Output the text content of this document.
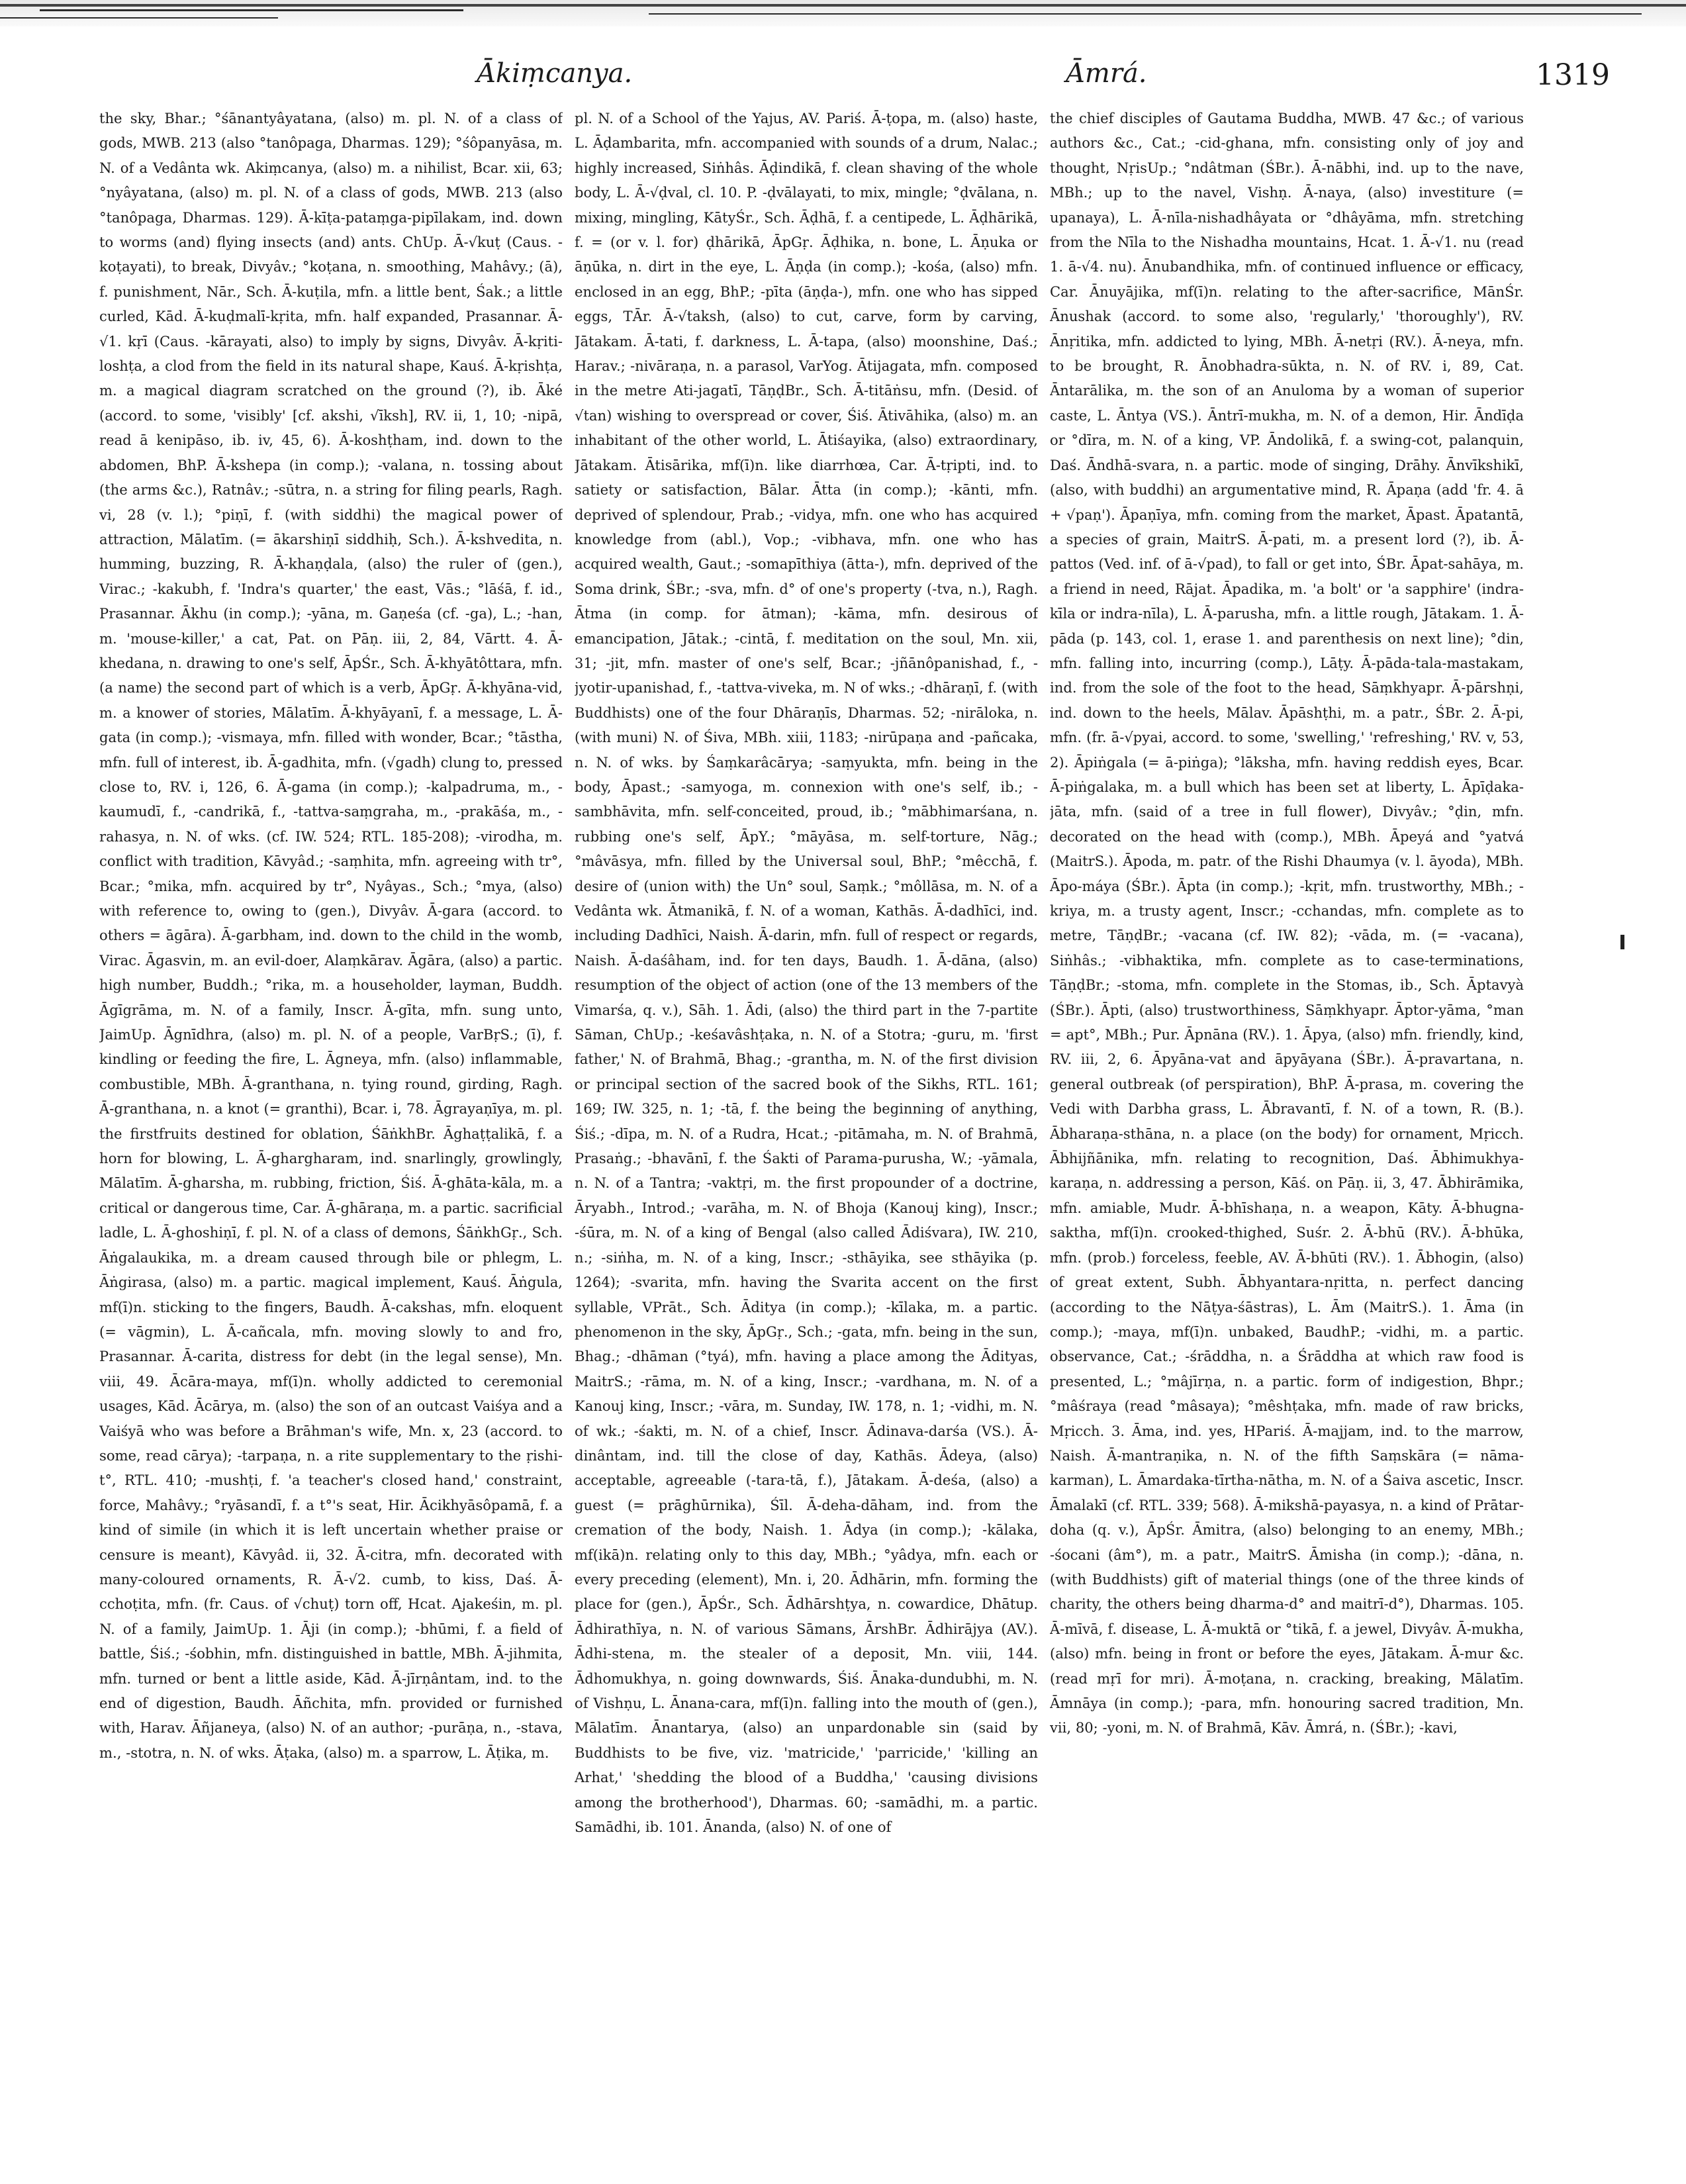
Ākiṃcanya.	Āmrá.	1319

the sky, Bhar.; °śānantyâyatana, (also) m. pl. N. of a class of gods, MWB. 213 (also °tanôpaga, Dharmas. 129); °śôpanyāsa, m. N. of a Vedânta wk. Akiṃcanya, (also) m. a nihilist, Bcar. xii, 63; °nyâyatana, (also) m. pl. N. of a class of gods, MWB. 213 (also °tanôpaga, Dharmas. 129). Ā-kīṭa-pataṃga-pipīlakam, ind. down to worms (and) flying insects (and) ants. ChUp. Ā-√kuṭ (Caus. -koṭayati), to break, Divyâv.; °koṭana, n. smoothing, Mahâvy.; (ā), f. punishment, Nār., Sch. Ā-kuṭila, mfn. a little bent, Śak.; a little curled, Kād. Ā-kuḍmalī-kṛita, mfn. half expanded, Prasannar. Ā-√1. kṛī (Caus. -kārayati, also) to imply by signs, Divyâv. Ā-kṛiti-loshṭa, a clod from the field in its natural shape, Kauś. Ā-kṛishṭa, m. a magical diagram scratched on the ground (?), ib. Āké (accord. to some, 'visibly' [cf. akshi, √īksh], RV. ii, 1, 10; -nipā, read ā kenipāso, ib. iv, 45, 6). Ā-koshṭham, ind. down to the abdomen, BhP. Ā-kshepa (in comp.); -valana, n. tossing about (the arms &c.), Ratnâv.; -sūtra, n. a string for filing pearls, Ragh. vi, 28 (v. l.); °piṇī, f. (with siddhi) the magical power of attraction, Mālatīm. (= ākarshiṇī siddhiḥ, Sch.). Ā-kshvedita, n. humming, buzzing, R. Ā-khaṇḍala, (also) the ruler of (gen.), Virac.; -kakubh, f. 'Indra's quarter,' the east, Vās.; °lāśā, f. id., Prasannar. Ākhu (in comp.); -yāna, m. Gaṇeśa (cf. -ga), L.; -han, m. 'mouse-killer,' a cat, Pat. on Pāṇ. iii, 2, 84, Vārtt. 4. Ā-khedana, n. drawing to one's self, ĀpŚr., Sch. Ā-khyātôttara, mfn. (a name) the second part of which is a verb, ĀpGṛ. Ā-khyāna-vid, m. a knower of stories, Mālatīm. Ā-khyāyanī, f. a message, L. Ā-gata (in comp.); -vismaya, mfn. filled with wonder, Bcar.; °tāstha, mfn. full of interest, ib. Ā-gadhita, mfn. (√gadh) clung to, pressed close to, RV. i, 126, 6. Ā-gama (in comp.); -kalpadruma, m., -kaumudī, f., -candrikā, f., -tattva-saṃgraha, m., -prakāśa, m., -rahasya, n. N. of wks. (cf. IW. 524; RTL. 185-208); -virodha, m. conflict with tradition, Kāvyâd.; -saṃhita, mfn. agreeing with tr°, Bcar.; °mika, mfn. acquired by tr°, Nyâyas., Sch.; °mya, (also) with reference to, owing to (gen.), Divyâv. Ā-gara (accord. to others = āgāra). Ā-garbham, ind. down to the child in the womb, Virac. Āgasvin, m. an evil-doer, Alaṃkārav. Āgāra, (also) a partic. high number, Buddh.; °rika, m. a householder, layman, Buddh. Āgīgrāma, m. N. of a family, Inscr. Ā-gīta, mfn. sung unto, JaimUp. Āgnīdhra, (also) m. pl. N. of a people, VarBṛS.; (ī), f. kindling or feeding the fire, L. Āgneya, mfn. (also) inflammable, combustible, MBh. Ā-granthana, n. tying round, girding, Ragh. Ā-granthana, n. a knot (= granthi), Bcar. i, 78. Āgrayaṇīya, m. pl. the firstfruits destined for oblation, ŚāṅkhBr. Āghaṭṭalikā, f. a horn for blowing, L. Ā-ghargharam, ind. snarlingly, growlingly, Mālatīm. Ā-gharsha, m. rubbing, friction, Śiś. Ā-ghāta-kāla, m. a critical or dangerous time, Car. Ā-ghāraṇa, m. a partic. sacrificial ladle, L. Ā-ghoshiṇī, f. pl. N. of a class of demons, ŚāṅkhGṛ., Sch. Āṅgalaukika, m. a dream caused through bile or phlegm, L. Āṅgirasa, (also) m. a partic. magical implement, Kauś. Āṅgula, mf(ī)n. sticking to the fingers, Baudh. Ā-cakshas, mfn. eloquent (= vāgmin), L. Ā-cañcala, mfn. moving slowly to and fro, Prasannar. Ā-carita, distress for debt (in the legal sense), Mn. viii, 49. Ācāra-maya, mf(ī)n. wholly addicted to ceremonial usages, Kād. Ācārya, m. (also) the son of an outcast Vaiśya and a Vaiśyā who was before a Brāhman's wife, Mn. x, 23 (accord. to some, read cārya); -tarpaṇa, n. a rite supplementary to the ṛishi-t°, RTL. 410; -mushṭi, f. 'a teacher's closed hand,' constraint, force, Mahâvy.; °ryāsandī, f. a t°'s seat, Hir. Ācikhyāsôpamā, f. a kind of simile (in which it is left uncertain whether praise or censure is meant), Kāvyâd. ii, 32. Ā-citra, mfn. decorated with many-coloured ornaments, R. Ā-√2. cumb, to kiss, Daś. Ā-cchoṭita, mfn. (fr. Caus. of √chuṭ) torn off, Hcat. Ajakeśin, m. pl. N. of a family, JaimUp. 1. Āji (in comp.); -bhūmi, f. a field of battle, Śiś.; -śobhin, mfn. distinguished in battle, MBh. Ā-jihmita, mfn. turned or bent a little aside, Kād. Ā-jīrṇântam, ind. to the end of digestion, Baudh. Āñchita, mfn. provided or furnished with, Harav. Āñjaneya, (also) N. of an author; -purāṇa, n., -stava, m., -stotra, n. N. of wks. Āṭaka, (also) m. a sparrow, L. Āṭika, m.

pl. N. of a School of the Yajus, AV. Pariś. Ā-ṭopa, m. (also) haste, L. Āḍambarita, mfn. accompanied with sounds of a drum, Nalac.; highly increased, Siṅhâs. Āḍindikā, f. clean shaving of the whole body, L. Ā-√ḍval, cl. 10. P. -ḍvālayati, to mix, mingle; °ḍvālana, n. mixing, mingling, KātyŚr., Sch. Āḍhā, f. a centipede, L. Āḍhārikā, f. = (or v. l. for) ḍhārikā, ĀpGṛ. Āḍhika, n. bone, L. Āṇuka or āṇūka, n. dirt in the eye, L. Āṇḍa (in comp.); -kośa, (also) mfn. enclosed in an egg, BhP.; -pīta (āṇḍa-), mfn. one who has sipped eggs, TĀr. Ā-√taksh, (also) to cut, carve, form by carving, Jātakam. Ā-tati, f. darkness, L. Ā-tapa, (also) moonshine, Daś.; Harav.; -nivāraṇa, n. a parasol, VarYog. Ātijagata, mfn. composed in the metre Ati-jagatī, TāṇḍBr., Sch. Ā-titāṅsu, mfn. (Desid. of √tan) wishing to overspread or cover, Śiś. Ātivāhika, (also) m. an inhabitant of the other world, L. Ātiśayika, (also) extraordinary, Jātakam. Ātisārika, mf(ī)n. like diarrhœa, Car. Ā-tṛipti, ind. to satiety or satisfaction, Bālar. Ātta (in comp.); -kānti, mfn. deprived of splendour, Prab.; -vidya, mfn. one who has acquired knowledge from (abl.), Vop.; -vibhava, mfn. one who has acquired wealth, Gaut.; -somapīthiya (ātta-), mfn. deprived of the Soma drink, ŚBr.; -sva, mfn. d° of one's property (-tva, n.), Ragh. Ātma (in comp. for ātman); -kāma, mfn. desirous of emancipation, Jātak.; -cintā, f. meditation on the soul, Mn. xii, 31; -jit, mfn. master of one's self, Bcar.; -jñānôpanishad, f., -jyotir-upanishad, f., -tattva-viveka, m. N of wks.; -dhāraṇī, f. (with Buddhists) one of the four Dhāraṇīs, Dharmas. 52; -nirāloka, n. (with muni) N. of Śiva, MBh. xiii, 1183; -nirūpaṇa and -pañcaka, n. N. of wks. by Śaṃkarâcārya; -saṃyukta, mfn. being in the body, Āpast.; -samyoga, m. connexion with one's self, ib.; -sambhāvita, mfn. self-conceited, proud, ib.; °mābhimarśana, n. rubbing one's self, ĀpY.; °māyāsa, m. self-torture, Nāg.; °mâvāsya, mfn. filled by the Universal soul, BhP.; °mêcchā, f. desire of (union with) the Un° soul, Saṃk.; °môllāsa, m. N. of a Vedânta wk. Ātmanikā, f. N. of a woman, Kathās. Ā-dadhīci, ind. including Dadhīci, Naish. Ā-darin, mfn. full of respect or regards, Naish. Ā-daśâham, ind. for ten days, Baudh. 1. Ā-dāna, (also) resumption of the object of action (one of the 13 members of the Vimarśa, q. v.), Sāh. 1. Ādi, (also) the third part in the 7-partite Sāman, ChUp.; -keśavâshṭaka, n. N. of a Stotra; -guru, m. 'first father,' N. of Brahmā, Bhag.; -grantha, m. N. of the first division or principal section of the sacred book of the Sikhs, RTL. 161; 169; IW. 325, n. 1; -tā, f. the being the beginning of anything, Śiś.; -dīpa, m. N. of a Rudra, Hcat.; -pitāmaha, m. N. of Brahmā, Prasaṅg.; -bhavānī, f. the Śakti of Parama-purusha, W.; -yāmala, n. N. of a Tantra; -vaktṛi, m. the first propounder of a doctrine, Āryabh., Introd.; -varāha, m. N. of Bhoja (Kanouj king), Inscr.; -śūra, m. N. of a king of Bengal (also called Ādiśvara), IW. 210, n.; -siṅha, m. N. of a king, Inscr.; -sthāyika, see sthāyika (p. 1264); -svarita, mfn. having the Svarita accent on the first syllable, VPrāt., Sch. Āditya (in comp.); -kīlaka, m. a partic. phenomenon in the sky, ĀpGṛ., Sch.; -gata, mfn. being in the sun, Bhag.; -dhāman (°tyá), mfn. having a place among the Ādityas, MaitrS.; -rāma, m. N. of a king, Inscr.; -vardhana, m. N. of a Kanouj king, Inscr.; -vāra, m. Sunday, IW. 178, n. 1; -vidhi, m. N. of wk.; -śakti, m. N. of a chief, Inscr. Ādinava-darśa (VS.). Ā-dinântam, ind. till the close of day, Kathās. Ādeya, (also) acceptable, agreeable (-tara-tā, f.), Jātakam. Ā-deśa, (also) a guest (= prāghūrnika), Śīl. Ā-deha-dāham, ind. from the cremation of the body, Naish. 1. Ādya (in comp.); -kālaka, mf(ikā)n. relating only to this day, MBh.; °yâdya, mfn. each or every preceding (element), Mn. i, 20. Ādhārin, mfn. forming the place for (gen.), ĀpŚr., Sch. Ādhārshṭya, n. cowardice, Dhātup. Ādhirathīya, n. N. of various Sāmans, ĀrshBr. Ādhirājya (AV.). Ādhi-stena, m. the stealer of a deposit, Mn. viii, 144. Ādhomukhya, n. going downwards, Śiś. Ānaka-dundubhi, m. N. of Vishṇu, L. Ānana-cara, mf(ī)n. falling into the mouth of (gen.), Mālatīm. Ānantarya, (also) an unpardonable sin (said by Buddhists to be five, viz. 'matricide,' 'parricide,' 'killing an Arhat,' 'shedding the blood of a Buddha,' 'causing divisions among the brotherhood'), Dharmas. 60; -samādhi, m. a partic. Samādhi, ib. 101. Ānanda, (also) N. of one of

the chief disciples of Gautama Buddha, MWB. 47 &c.; of various authors &c., Cat.; -cid-ghana, mfn. consisting only of joy and thought, NṛisUp.; °ndâtman (ŚBr.). Ā-nābhi, ind. up to the nave, MBh.; up to the navel, Vishṇ. Ā-naya, (also) investiture (= upanaya), L. Ā-nīla-nishadhâyata or °dhâyāma, mfn. stretching from the Nīla to the Nishadha mountains, Hcat. 1. Ā-√1. nu (read 1. ā-√4. nu). Ānubandhika, mfn. of continued influence or efficacy, Car. Ānuyājika, mf(ī)n. relating to the after-sacrifice, MānŚr. Ānushak (accord. to some also, 'regularly,' 'thoroughly'), RV. Ānṛitika, mfn. addicted to lying, MBh. Ā-netṛi (RV.). Ā-neya, mfn. to be brought, R. Ānobhadra-sūkta, n. N. of RV. i, 89, Cat. Āntarālika, m. the son of an Anuloma by a woman of superior caste, L. Āntya (VS.). Āntrī-mukha, m. N. of a demon, Hir. Āndīḍa or °dīra, m. N. of a king, VP. Āndolikā, f. a swing-cot, palanquin, Daś. Āndhā-svara, n. a partic. mode of singing, Drāhy. Ānvīkshikī, (also, with buddhi) an argumentative mind, R. Āpaṇa (add 'fr. 4. ā + √paṇ'). Āpaṇīya, mfn. coming from the market, Āpast. Āpatantā, a species of grain, MaitrS. Ā-pati, m. a present lord (?), ib. Ā-pattos (Ved. inf. of ā-√pad), to fall or get into, ŚBr. Āpat-sahāya, m. a friend in need, Rājat. Āpadika, m. 'a bolt' or 'a sapphire' (indra-kīla or indra-nīla), L. Ā-parusha, mfn. a little rough, Jātakam. 1. Ā-pāda (p. 143, col. 1, erase 1. and parenthesis on next line); °din, mfn. falling into, incurring (comp.), Lāṭy. Ā-pāda-tala-mastakam, ind. from the sole of the foot to the head, Sāṃkhyapr. Ā-pārshṇi, ind. down to the heels, Mālav. Āpāshṭhi, m. a patr., ŚBr. 2. Ā-pi, mfn. (fr. ā-√pyai, accord. to some, 'swelling,' 'refreshing,' RV. v, 53, 2). Āpiṅgala (= ā-piṅga); °lāksha, mfn. having reddish eyes, Bcar. Ā-piṅgalaka, m. a bull which has been set at liberty, L. Āpīḍaka-jāta, mfn. (said of a tree in full flower), Divyâv.; °ḍin, mfn. decorated on the head with (comp.), MBh. Āpeyá and °yatvá (MaitrS.). Āpoda, m. patr. of the Rishi Dhaumya (v. l. āyoda), MBh. Āpo-máya (ŚBr.). Āpta (in comp.); -kṛit, mfn. trustworthy, MBh.; -kriya, m. a trusty agent, Inscr.; -cchandas, mfn. complete as to metre, TāṇḍBr.; -vacana (cf. IW. 82); -vāda, m. (= -vacana), Siṅhâs.; -vibhaktika, mfn. complete as to case-terminations, TāṇḍBr.; -stoma, mfn. complete in the Stomas, ib., Sch. Āptavyà (ŚBr.). Āpti, (also) trustworthiness, Sāṃkhyapr. Āptor-yāma, °man = apt°, MBh.; Pur. Āpnāna (RV.). 1. Āpya, (also) mfn. friendly, kind, RV. iii, 2, 6. Āpyāna-vat and āpyāyana (ŚBr.). Ā-pravartana, n. general outbreak (of perspiration), BhP. Ā-prasa, m. covering the Vedi with Darbha grass, L. Ābravantī, f. N. of a town, R. (B.). Ābharaṇa-sthāna, n. a place (on the body) for ornament, Mṛicch. Ābhijñānika, mfn. relating to recognition, Daś. Ābhimukhya-karaṇa, n. addressing a person, Kāś. on Pāṇ. ii, 3, 47. Ābhirāmika, mfn. amiable, Mudr. Ā-bhīshaṇa, n. a weapon, Kāty. Ā-bhugna-saktha, mf(ī)n. crooked-thighed, Suśr. 2. Ā-bhū (RV.). Ā-bhūka, mfn. (prob.) forceless, feeble, AV. Ā-bhūti (RV.). 1. Ābhogin, (also) of great extent, Subh. Ābhyantara-nṛitta, n. perfect dancing (according to the Nāṭya-śāstras), L. Ām (MaitrS.). 1. Āma (in comp.); -maya, mf(ī)n. unbaked, BaudhP.; -vidhi, m. a partic. observance, Cat.; -śrāddha, n. a Śrāddha at which raw food is presented, L.; °mâjīrṇa, n. a partic. form of indigestion, Bhpr.; °mâśraya (read °mâsaya); °mêshṭaka, mfn. made of raw bricks, Mṛicch. 3. Āma, ind. yes, HPariś. Ā-majjam, ind. to the marrow, Naish. Ā-mantraṇika, n. N. of the fifth Saṃskāra (= nāma-karman), L. Āmardaka-tīrtha-nātha, m. N. of a Śaiva ascetic, Inscr. Āmalakī (cf. RTL. 339; 568). Ā-mikshā-payasya, n. a kind of Prātar-doha (q. v.), ĀpŚr. Āmitra, (also) belonging to an enemy, MBh.; -śocani (âm°), m. a patr., MaitrS. Āmisha (in comp.); -dāna, n. (with Buddhists) gift of material things (one of the three kinds of charity, the others being dharma-d° and maitrī-d°), Dharmas. 105. Ā-mīvā, f. disease, L. Ā-muktā or °tikā, f. a jewel, Divyâv. Ā-mukha, (also) mfn. being in front or before the eyes, Jātakam. Ā-mur &c. (read mṛī for mri). Ā-moṭana, n. cracking, breaking, Mālatīm. Āmnāya (in comp.); -para, mfn. honouring sacred tradition, Mn. vii, 80; -yoni, m. N. of Brahmā, Kāv. Āmrá, n. (ŚBr.); -kavi,
